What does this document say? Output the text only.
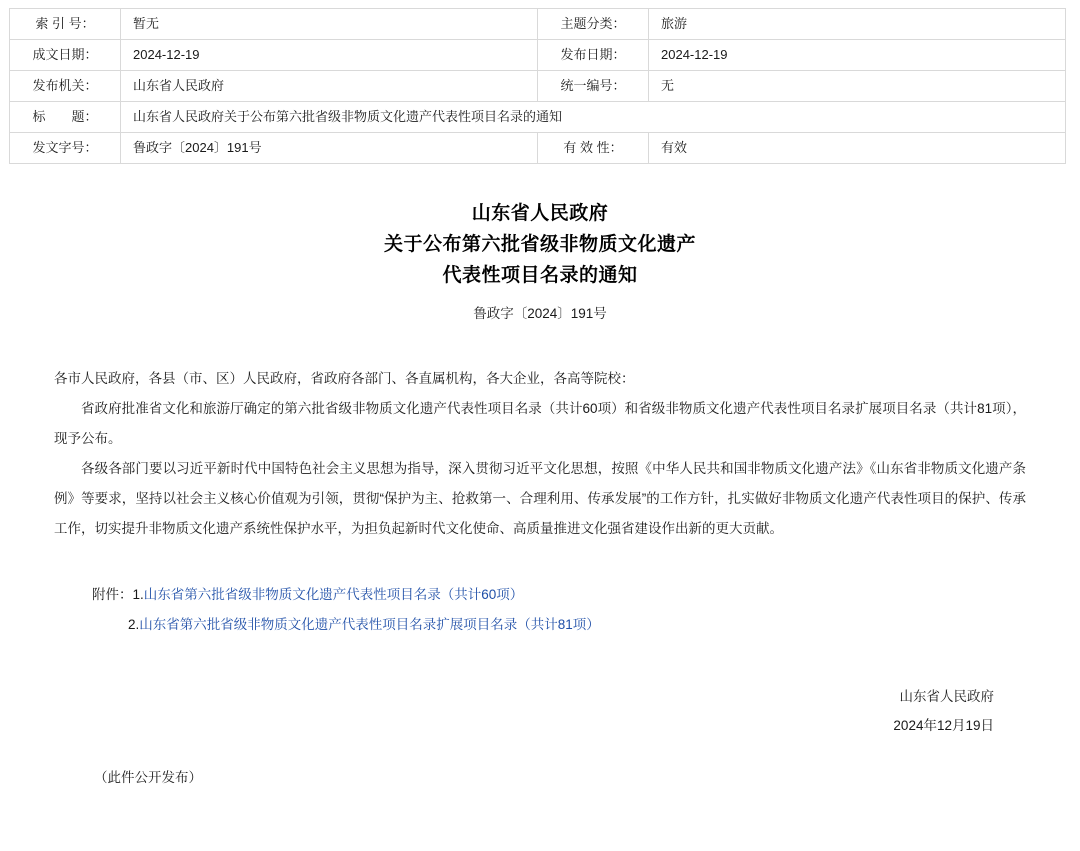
索 引 号：	暂无	主题分类：	旅游
成文日期：	2024-12-19	发布日期：	2024-12-19
发布机关：	山东省人民政府	统一编号：	无
标　　题：	山东省人民政府关于公布第六批省级非物质文化遗产代表性项目名录的通知		
发文字号：	鲁政字〔2024〕191号	有 效 性：	有效
山东省人民政府
关于公布第六批省级非物质文化遗产
代表性项目名录的通知
鲁政字〔2024〕191号
各市人民政府，各县（市、区）人民政府，省政府各部门、各直属机构，各大企业，各高等院校：

省政府批准省文化和旅游厅确定的第六批省级非物质文化遗产代表性项目名录（共计60项）和省级非物质文化遗产代表性项目名录扩展项目名录（共计81项），现予公布。

各级各部门要以习近平新时代中国特色社会主义思想为指导，深入贯彻习近平文化思想，按照《中华人民共和国非物质文化遗产法》《山东省非物质文化遗产条例》等要求，坚持以社会主义核心价值观为引领，贯彻“保护为主、抢救第一、合理利用、传承发展”的工作方针，扎实做好非物质文化遗产代表性项目的保护、传承工作，切实提升非物质文化遗产系统性保护水平，为担负起新时代文化使命、高质量推进文化强省建设作出新的更大贡献。

附件：1.山东省第六批省级非物质文化遗产代表性项目名录（共计60项）
2.山东省第六批省级非物质文化遗产代表性项目名录扩展项目名录（共计81项）
山东省人民政府
2024年12月19日
（此件公开发布）
